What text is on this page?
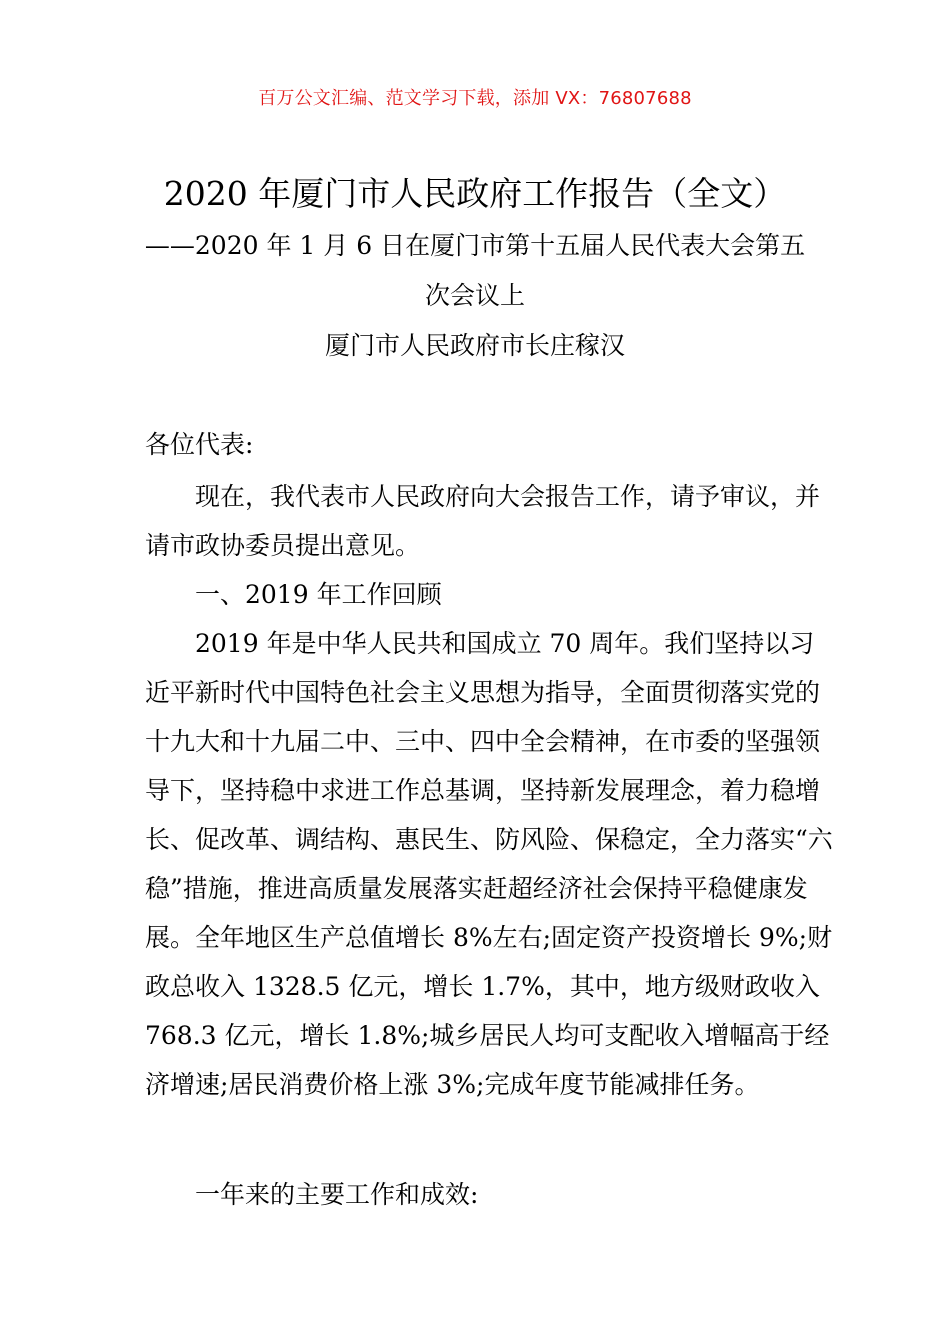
百万公文汇编、范文学习下载，添加 VX：76807688
2020 年厦门市人民政府工作报告（全文）
——2020 年 1 月 6 日在厦门市第十五届人民代表大会第五
次会议上
厦门市人民政府市长庄稼汉

各位代表:

现在，我代表市人民政府向大会报告工作，请予审议，并请市政协委员提出意见。

一、2019 年工作回顾

2019 年是中华人民共和国成立 70 周年。我们坚持以习近平新时代中国特色社会主义思想为指导，全面贯彻落实党的十九大和十九届二中、三中、四中全会精神，在市委的坚强领导下，坚持稳中求进工作总基调，坚持新发展理念，着力稳增长、促改革、调结构、惠民生、防风险、保稳定，全力落实“六稳”措施，推进高质量发展落实赶超经济社会保持平稳健康发展。全年地区生产总值增长 8%左右;固定资产投资增长 9%;财政总收入 1328.5 亿元，增长 1.7%，其中，地方级财政收入 768.3 亿元，增长 1.8%;城乡居民人均可支配收入增幅高于经济增速;居民消费价格上涨 3%;完成年度节能减排任务。

一年来的主要工作和成效:
